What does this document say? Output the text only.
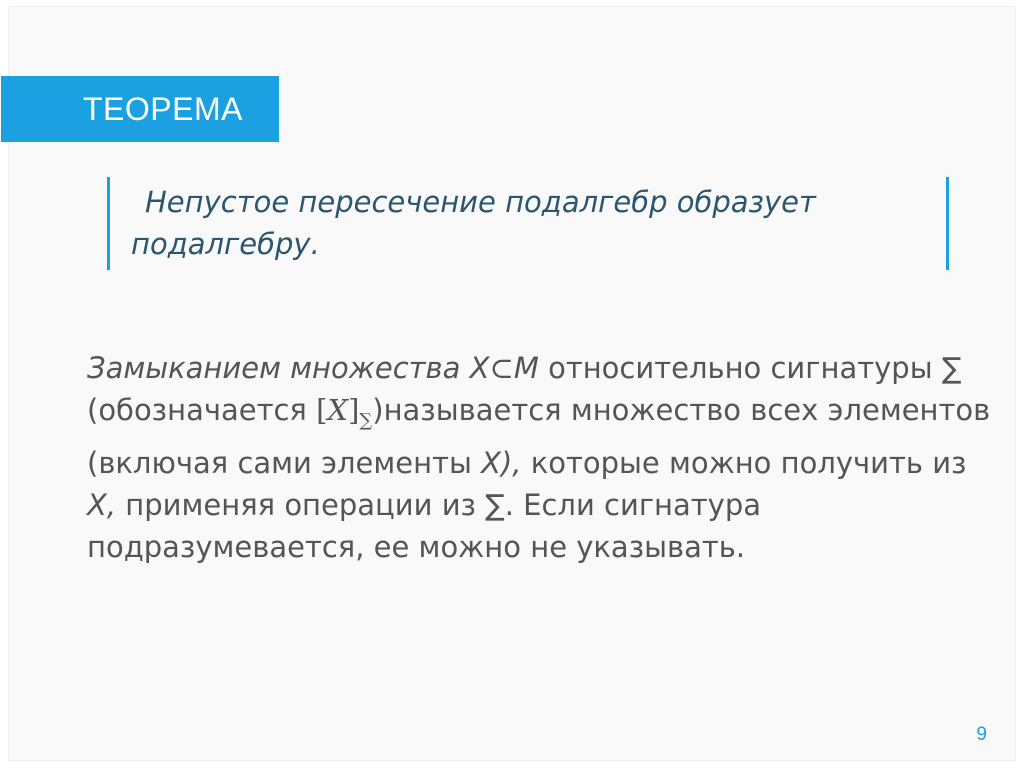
ТЕОРЕМА
Непустое пересечение подалгебр образует подалгебру.
Замыканием множества X⊂M относительно сигнатуры ∑ (обозначается $[X]_\sum)называется$ множество всех элементов (включая сами элементы X), которые можно получить из X, применяя операции из ∑. Если сигнатура подразумевается, ее можно не указывать.
9
